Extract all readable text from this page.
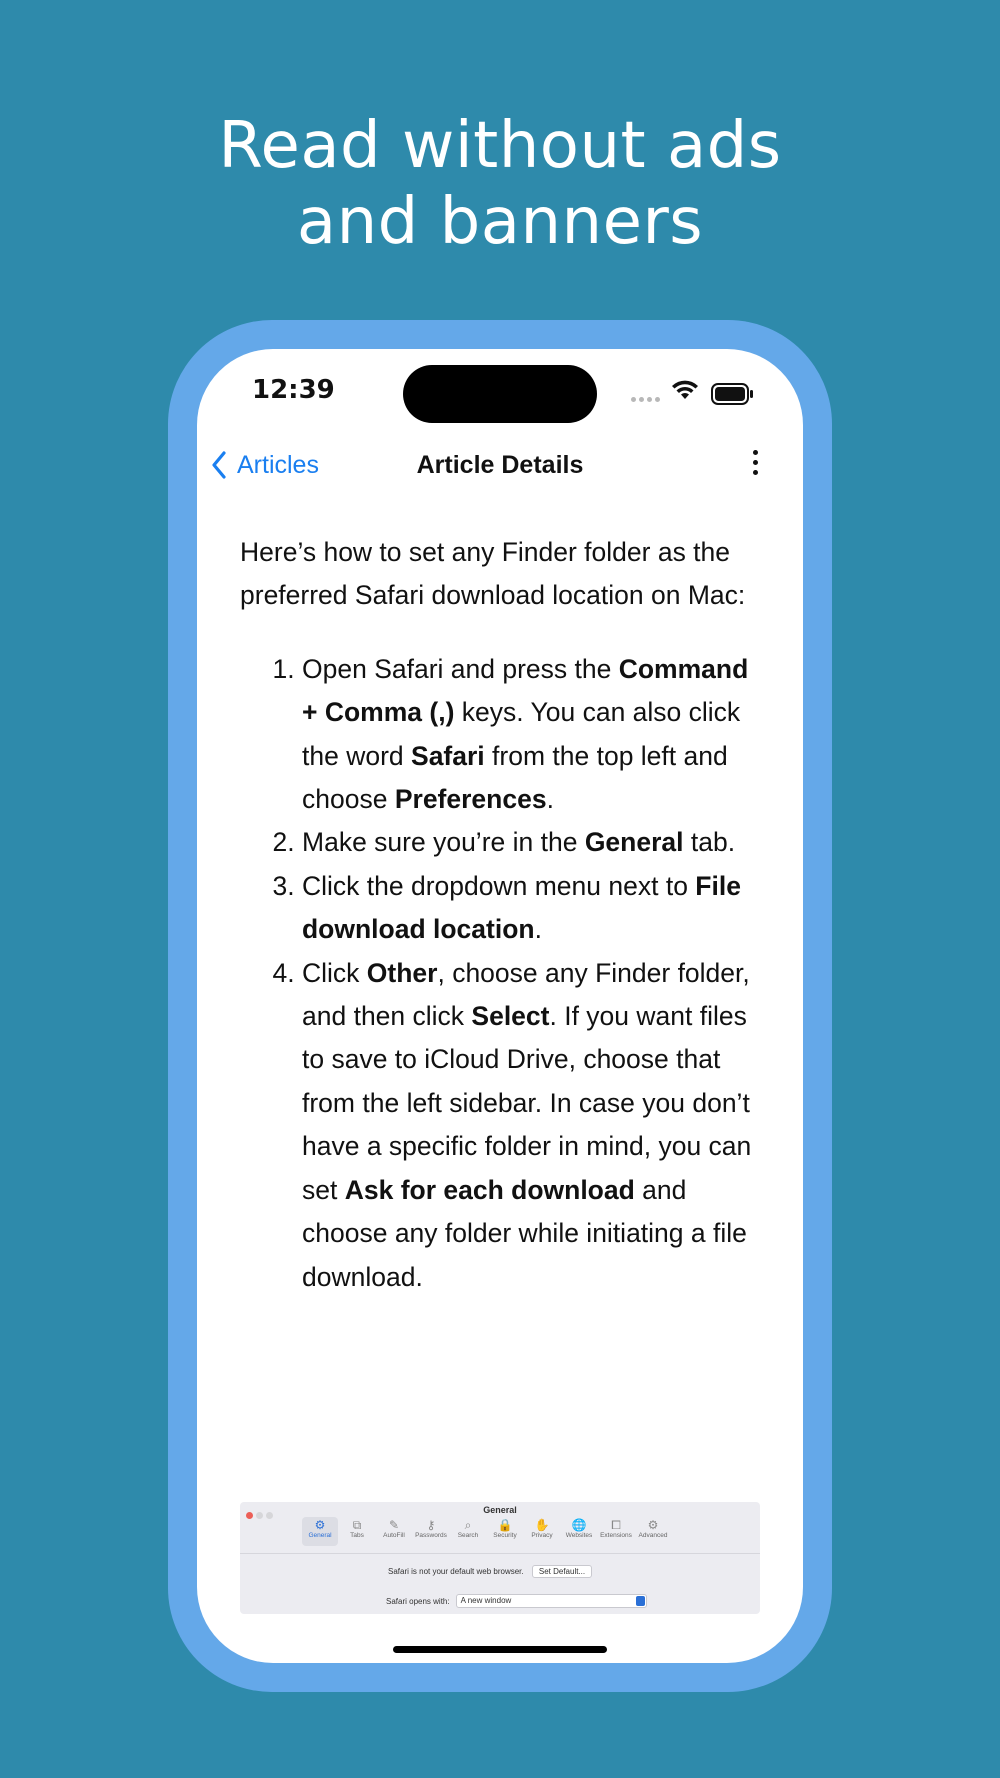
Read without ads
and banners
12:39
Articles	Article Details

Here’s how to set any Finder folder as the preferred Safari download location on Mac:

1. Open Safari and press the Command + Comma (,) keys. You can also click the word Safari from the top left and choose Preferences.
2. Make sure you’re in the General tab.
3. Click the dropdown menu next to File download location.
4. Click Other, choose any Finder folder, and then click Select. If you want files to save to iCloud Drive, choose that from the left sidebar. In case you don’t have a specific folder in mind, you can set Ask for each download and choose any folder while initiating a file download.
General
⚙
General
⧉
Tabs
✎
AutoFill
⚷
Passwords
⌕
Search
🔒
Security
✋
Privacy
🌐
Websites
⧠
Extensions
⚙
Advanced
Safari is not your default web browser. Set Default...
Safari opens with:	A new window
